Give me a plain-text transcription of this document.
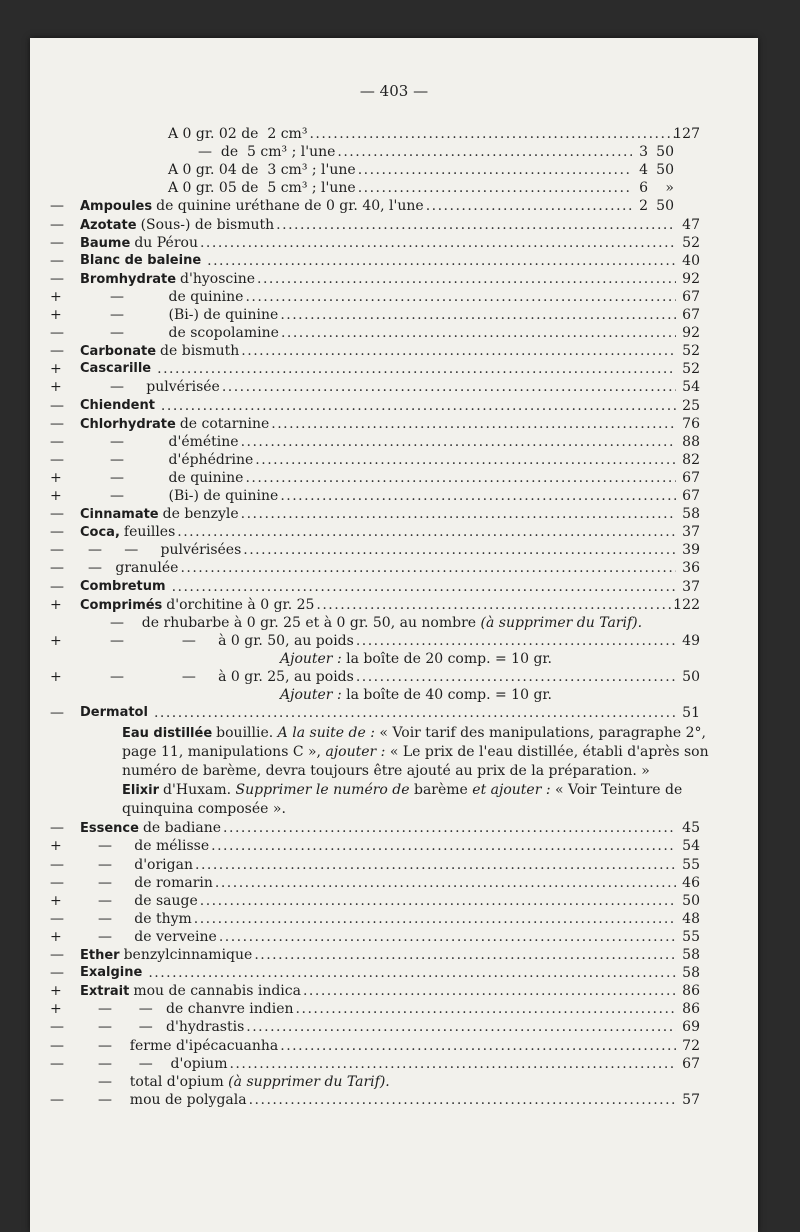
— 403 —
A 0 gr. 02 de  2 cm³ .....	127
—  de  5 cm³ ; l'une .....	3 50
A 0 gr. 04 de  3 cm³ ; l'une .....	4 50
A 0 gr. 05 de  5 cm³ ; l'une .....	6	»
—	Ampoules de quinine uréthane de 0 gr. 40, l'une .....	2 50
—	Azotate (Sous-) de bismuth .....	47
—	Baume du Pérou .....	52
—	Blanc de baleine .....	40
—	Bromhydrate d'hyoscine .....	92
+	—          de quinine .....	67
+	—          (Bi-) de quinine .....	67
—	—          de scopolamine .....	92
—	Carbonate de bismuth .....	52
+	Cascarille .....	52
+	—     pulvérisée .....	54
—	Chiendent .....	25
—	Chlorhydrate de cotarnine .....	76
—	—          d'émétine .....	88
—	—          d'éphédrine .....	82
+	—          de quinine .....	67
+	—          (Bi-) de quinine .....	67
—	Cinnamate de benzyle .....	58
—	Coca, feuilles .....	37
—	—     —     pulvérisées .....	39
—	—   granulée .....	36
—	Combretum .....	37
+	Comprimés d'orchitine à 0 gr. 25 .....	122
—    de rhubarbe à 0 gr. 25 et à 0 gr. 50, au nombre (à supprimer du Tarif).
+	—             —     à 0 gr. 50, au poids .....	49
Ajouter : la boîte de 20 comp. = 10 gr.
+	—             —     à 0 gr. 25, au poids .....	50
Ajouter : la boîte de 40 comp. = 10 gr.
—	Dermatol .....	51
Eau distillée bouillie. A la suite de : « Voir tarif des manipulations, paragraphe 2°, page 11, manipulations C », ajouter : « Le prix de l'eau distillée, établi d'après son numéro de barème, devra toujours être ajouté au prix de la préparation. »
Elixir d'Huxam. Supprimer le numéro de barème et ajouter : « Voir Teinture de quinquina composée ».
—	Essence de badiane .....	45
+	—     de mélisse .....	54
—	—     d'origan .....	55
—	—     de romarin .....	46
+	—     de sauge .....	50
—	—     de thym .....	48
+	—     de verveine .....	55
—	Ether benzylcinnamique .....	58
—	Exalgine .....	58
+	Extrait mou de cannabis indica .....	86
+	—      —   de chanvre indien .....	86
—	—      —   d'hydrastis .....	69
—	—    ferme d'ipécacuanha .....	72
—	—      —    d'opium .....	67
—    total d'opium (à supprimer du Tarif).
—	—    mou de polygala .....	57
